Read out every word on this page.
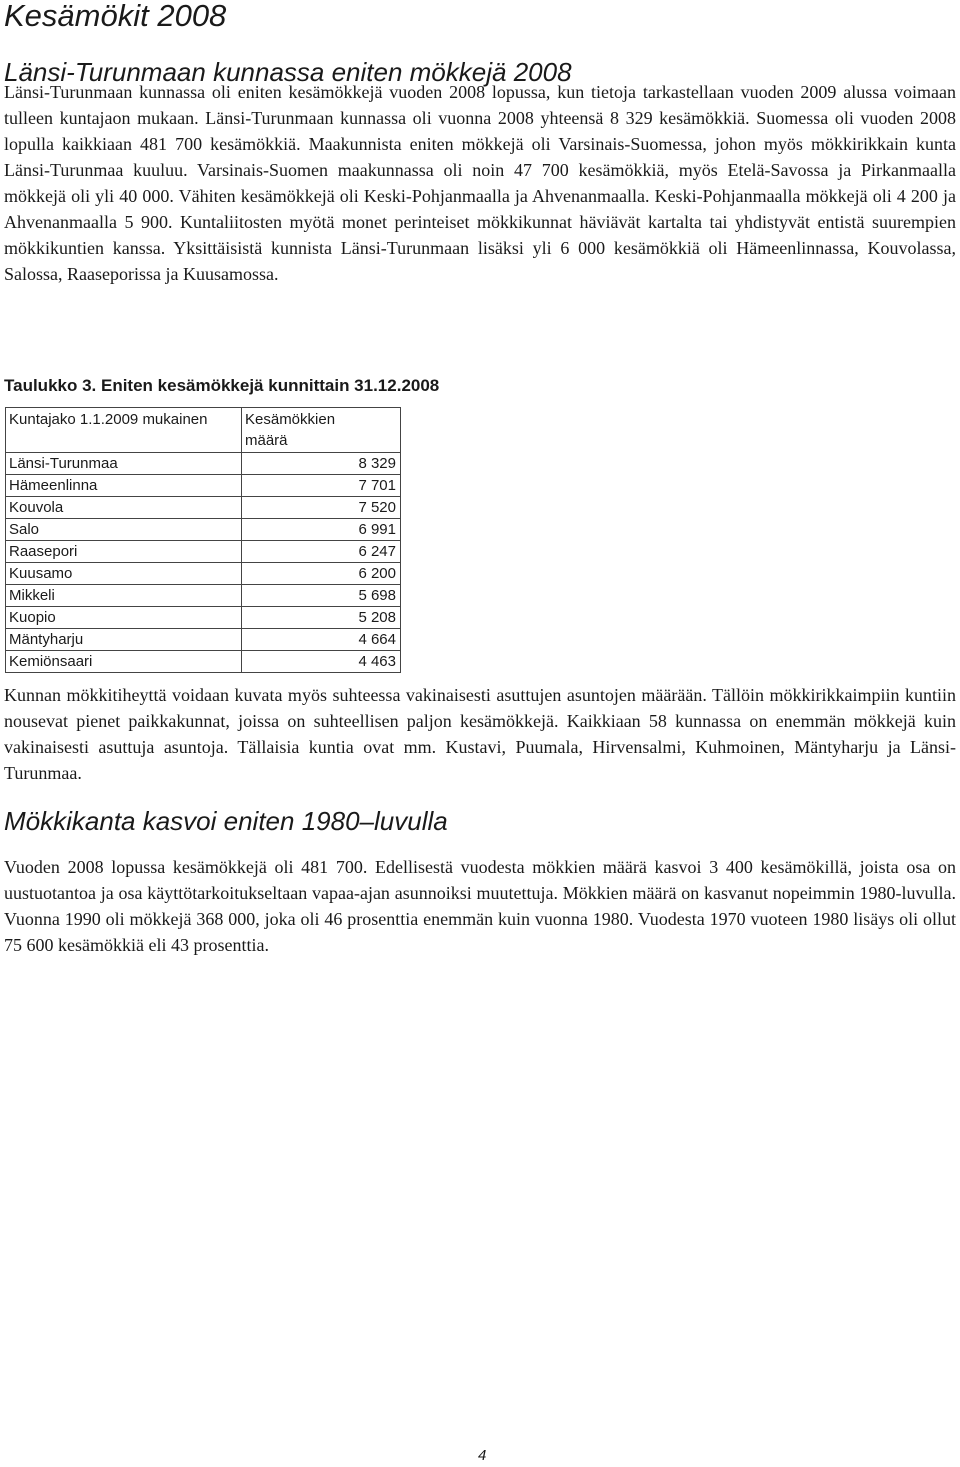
Kesämökit 2008
Länsi-Turunmaan kunnassa eniten mökkejä 2008

Länsi-Turunmaan kunnassa oli eniten kesämökkejä vuoden 2008 lopussa, kun tietoja tarkastellaan vuoden 2009 alussa voimaan tulleen kuntajaon mukaan. Länsi-Turunmaan kunnassa oli vuonna 2008 yhteensä 8 329 kesämökkiä. Suomessa oli vuoden 2008 lopulla kaikkiaan 481 700 kesämökkiä. Maakunnista eniten mökkejä oli Varsinais-Suomessa, johon myös mökkirikkain kunta Länsi-Turunmaa kuuluu. Varsinais-Suomen maakunnassa oli noin 47 700 kesämökkiä, myös Etelä-Savossa ja Pirkanmaalla mökkejä oli yli 40 000. Vähiten kesämökkejä oli Keski-Pohjanmaalla ja Ahvenanmaalla. Keski-Pohjanmaalla mökkejä oli 4 200 ja Ahvenanmaalla 5 900. Kuntaliitosten myötä monet perinteiset mökkikunnat häviävät kartalta tai yhdistyvät entistä suurempien mökkikuntien kanssa. Yksittäisistä kunnista Länsi-Turunmaan lisäksi yli 6 000 kesämökkiä oli Hämeenlinnassa, Kouvolassa, Salossa, Raaseporissa ja Kuusamossa.

Taulukko 3. Eniten kesämökkejä kunnittain 31.12.2008
Kuntajako 1.1.2009 mukainen	Kesämökkien
määrä

Länsi-Turunmaa	8 329
Hämeenlinna	7 701
Kouvola	7 520
Salo	6 991
Raasepori	6 247
Kuusamo	6 200
Mikkeli	5 698
Kuopio	5 208
Mäntyharju	4 664
Kemiönsaari	4 463

Kunnan mökkitiheyttä voidaan kuvata myös suhteessa vakinaisesti asuttujen asuntojen määrään. Tällöin mökkirikkaimpiin kuntiin nousevat pienet paikkakunnat, joissa on suhteellisen paljon kesämökkejä. Kaikkiaan 58 kunnassa on enemmän mökkejä kuin vakinaisesti asuttuja asuntoja. Tällaisia kuntia ovat mm. Kustavi, Puumala, Hirvensalmi, Kuhmoinen, Mäntyharju ja Länsi-Turunmaa.

Mökkikanta kasvoi eniten 1980–luvulla

Vuoden 2008 lopussa kesämökkejä oli 481 700. Edellisestä vuodesta mökkien määrä kasvoi 3 400 kesämökillä, joista osa on uustuotantoa ja osa käyttötarkoitukseltaan vapaa-ajan asunnoiksi muutettuja. Mökkien määrä on kasvanut nopeimmin 1980-luvulla. Vuonna 1990 oli mökkejä 368 000, joka oli 46 prosenttia enemmän kuin vuonna 1980. Vuodesta 1970 vuoteen 1980 lisäys oli ollut 75 600 kesämökkiä eli 43 prosenttia.

4
